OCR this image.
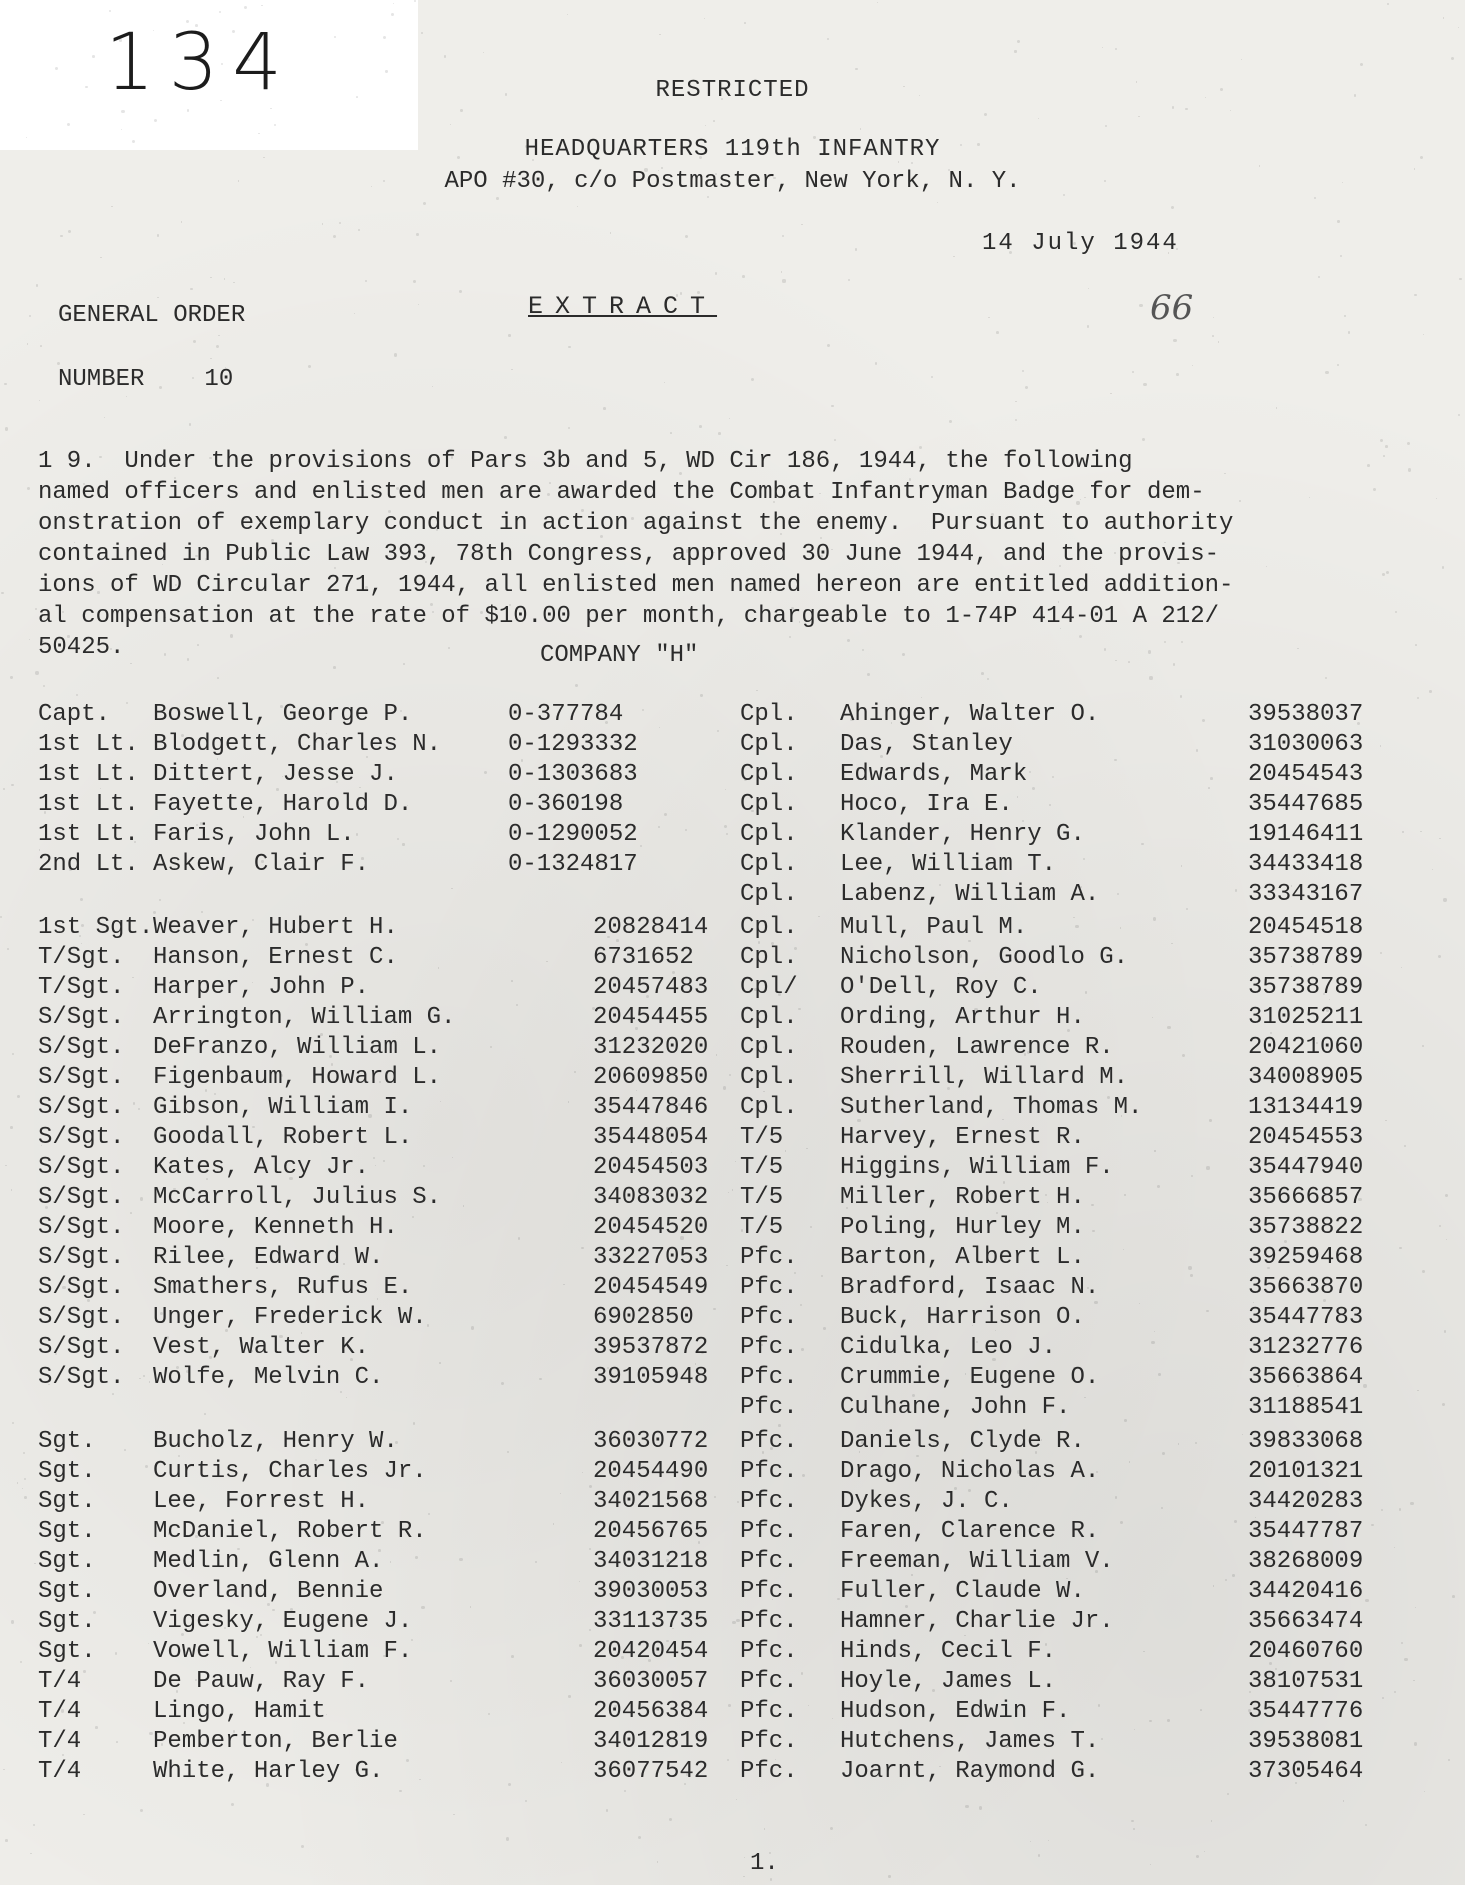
134	RESTRICTED
HEADQUARTERS 119th INFANTRY
APO #30, c/o Postmaster, New York, N. Y.
14 July 1944
GENERAL ORDER	EXTRACT	66
NUMBER	10
1 9.  Under the provisions of Pars 3b and 5, WD Cir 186, 1944, the following
named officers and enlisted men are awarded the Combat Infantryman Badge for dem-
onstration of exemplary conduct in action against the enemy.  Pursuant to authority
contained in Public Law 393, 78th Congress, approved 30 June 1944, and the provis-
ions of WD Circular 271, 1944, all enlisted men named hereon are entitled addition-
al compensation at the rate of $10.00 per month, chargeable to 1-74P 414-01 A 212/
50425.	COMPANY "H"
Capt. Boswell, George P.	0-377784
1st Lt. Blodgett, Charles N.	0-1293332
1st Lt. Dittert, Jesse J.	0-1303683
1st Lt. Fayette, Harold D.	0-360198
1st Lt. Faris, John L.	0-1290052
2nd Lt. Askew, Clair F.	0-1324817
1st Sgt. Weaver, Hubert H.	20828414
T/Sgt. Hanson, Ernest C.	6731652
T/Sgt. Harper, John P.	20457483
S/Sgt. Arrington, William G.	20454455
S/Sgt. DeFranzo, William L.	31232020
S/Sgt. Figenbaum, Howard L.	20609850
S/Sgt. Gibson, William I.	35447846
S/Sgt. Goodall, Robert L.	35448054
S/Sgt. Kates, Alcy Jr.	20454503
S/Sgt. McCarroll, Julius S.	34083032
S/Sgt. Moore, Kenneth H.	20454520
S/Sgt. Rilee, Edward W.	33227053
S/Sgt. Smathers, Rufus E.	20454549
S/Sgt. Unger, Frederick W.	6902850
S/Sgt. Vest, Walter K.	39537872
S/Sgt. Wolfe, Melvin C.	39105948
Sgt. Bucholz, Henry W.	36030772
Sgt. Curtis, Charles Jr.	20454490
Sgt. Lee, Forrest H.	34021568
Sgt. McDaniel, Robert R.	20456765
Sgt. Medlin, Glenn A.	34031218
Sgt. Overland, Bennie	39030053
Sgt. Vigesky, Eugene J.	33113735
Sgt. Vowell, William F.	20420454
T/4	De Pauw, Ray F.	36030057
T/4	Lingo, Hamit	20456384
T/4	Pemberton, Berlie	34012819
T/4	White, Harley G.	36077542
Cpl. Ahinger, Walter O.	39538037
Cpl. Das, Stanley	31030063
Cpl. Edwards, Mark	20454543
Cpl. Hoco, Ira E.	35447685
Cpl. Klander, Henry G.	19146411
Cpl. Lee, William T.	34433418
Cpl. Labenz, William A.	33343167
Cpl. Mull, Paul M.	20454518
Cpl. Nicholson, Goodlo G.	35738789
Cpl/ O'Dell, Roy C.	35738789
Cpl. Ording, Arthur H.	31025211
Cpl. Rouden, Lawrence R.	20421060
Cpl. Sherrill, Willard M.	34008905
Cpl. Sutherland, Thomas M.	13134419
T/5 Harvey, Ernest R.	20454553
T/5 Higgins, William F.	35447940
T/5 Miller, Robert H.	35666857
T/5 Poling, Hurley M.	35738822
Pfc. Barton, Albert L.	39259468
Pfc. Bradford, Isaac N.	35663870
Pfc. Buck, Harrison O.	35447783
Pfc. Cidulka, Leo J.	31232776
Pfc. Crummie, Eugene O.	35663864
Pfc. Culhane, John F.	31188541
Pfc. Daniels, Clyde R.	39833068
Pfc. Drago, Nicholas A.	20101321
Pfc. Dykes, J. C.	34420283
Pfc. Faren, Clarence R.	35447787
Pfc. Freeman, William V.	38268009
Pfc. Fuller, Claude W.	34420416
Pfc. Hamner, Charlie Jr.	35663474
Pfc. Hinds, Cecil F.	20460760
Pfc. Hoyle, James L.	38107531
Pfc. Hudson, Edwin F.	35447776
Pfc. Hutchens, James T.	39538081
Pfc. Joarnt, Raymond G.	37305464
1.
